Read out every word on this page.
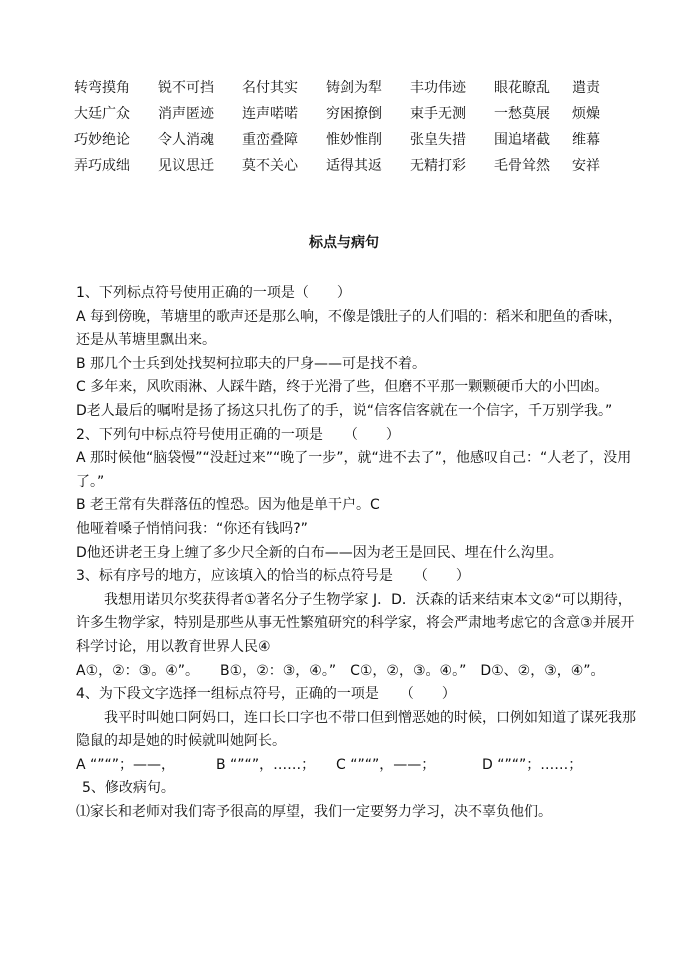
转弯摸角	锐不可挡	名付其实	铸剑为犁	丰功伟迹	眼花瞭乱	遣责
大廷广众	消声匿迹	连声喏喏	穷困撩倒	束手无测	一愁莫展	烦燥
巧妙绝论	令人消魂	重峦叠障	惟妙惟削	张皇失措	围追堵截	维幕
弄巧成绌	见议思迁	莫不关心	适得其返	无精打彩	毛骨耸然	安祥
标点与病句

1、下列标点符号使用正确的一项是（　　）

A 每到傍晚，苇塘里的歌声还是那么响，不像是饿肚子的人们唱的：稻米和肥鱼的香味， 还是从苇塘里飘出来。

B 那几个士兵到处找契柯拉耶夫的尸身——可是找不着。

C 多年来，风吹雨淋、人踩牛踏，终于光滑了些，但磨不平那一颗颗硬币大的小凹凼。

D老人最后的嘱咐是扬了扬这只扎伤了的手，说“信客信客就在一个信字，千万别学我。”

2、下列句中标点符号使用正确的一项是　　（　　）

A 那时候他“脑袋慢”“没赶过来”“晚了一步”，就“进不去了”，他感叹自己：“人老了，没用了。”

B 老王常有失群落伍的惶恐。因为他是单干户。C

他哑着嗓子悄悄问我：“你还有钱吗?”

D他还讲老王身上缠了多少尺全新的白布——因为老王是回民、埋在什么沟里。

3、标有序号的地方，应该填入的恰当的标点符号是　　（　　）

我想用诺贝尔奖获得者①著名分子生物学家 J．D．沃森的话来结束本文②“可以期待，许多生物学家，特别是那些从事无性繁殖研究的科学家，将会严肃地考虑它的含意③并展开科学讨论，用以教育世界人民④

A①，②：③。④”。　　B①，②：③，④。”　C①，②，③。④。”　D①、②，③，④”。

4、为下段文字选择一组标点符号，正确的一项是　　（　　）

我平时叫她口阿妈口，连口长口字也不带口但到憎恶她的时候，口例如知道了谋死我那隐鼠的却是她的时候就叫她阿长。

A “”“”；——，	B “”“”，……；	C “”“”，——；	D “”“”；……；

5、修改病句。

⑴家长和老师对我们寄予很高的厚望，我们一定要努力学习，决不辜负他们。
